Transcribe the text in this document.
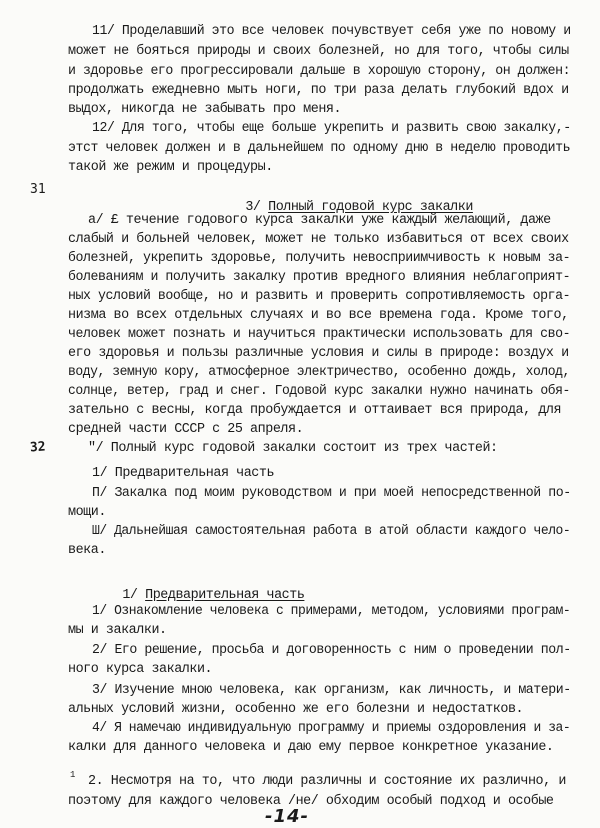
31
32
11/ Проделавший это все человек почувствует себя уже по новому и
может не бояться природы и своих болезней, но для того, чтобы силы
и здоровье его прогрессировали дальше в хорошую сторону, он должен:
продолжать ежедневно мыть ноги, по три раза делать глубокий вдох и
выдох, никогда не забывать про меня.
12/ Для того, чтобы еще больше укрепить и развить свою закалку,-
этст человек должен и в дальнейшем по одному дню в неделю проводить
такой же режим и процедуры.

3/ Полный годовой курс закалки

а/ £ течение годового курса закалки уже каждый желающий, даже
слабый и больней человек, может не только избавиться от всех своих
болезней, укрепить здоровье, получить невосприимчивость к новым за-
болеваниям и получить закалку против вредного влияния неблагоприят-
ных условий вообще, но и развить и проверить сопротивляемость орга-
низма во всех отдельных случаях и во все времена года. Кроме того,
человек может познать и научиться практически использовать для сво-
его здоровья и пользы различные условия и силы в природе: воздух и
воду, земную кору, атмосферное электричество, особенно дождь, холод,
солнце, ветер, град и снег. Годовой курс закалки нужно начинать обя-
зательно с весны, когда пробуждается и оттаивает вся природа, для
средней части СССР с 25 апреля.
"/ Полный курс годовой закалки состоит из трех частей:
1/ Предварительная часть
П/ Закалка под моим руководством и при моей непосредственной по-
мощи.
Ш/ Дальнейшая самостоятельная работа в атой области каждого чело-
века.

1/ Предварительная часть

1/ Ознакомление человека с примерами, методом, условиями програм-
мы и закалки.
2/ Его решение, просьба и договоренность с ним о проведении пол-
ного курса закалки.
3/ Изучение мною человека, как организм, как личность, и матери-
альных условий жизни, особенно же его болезни и недостатков.
4/ Я намечаю индивидуальную программу и приемы оздоровления и за-
калки для данного человека и даю ему первое конкретное указание.
1 2. Несмотря на то, что люди различны и состояние их различно, и
поэтому для каждого человека /не/ обходим особый подход и особые
-14-
